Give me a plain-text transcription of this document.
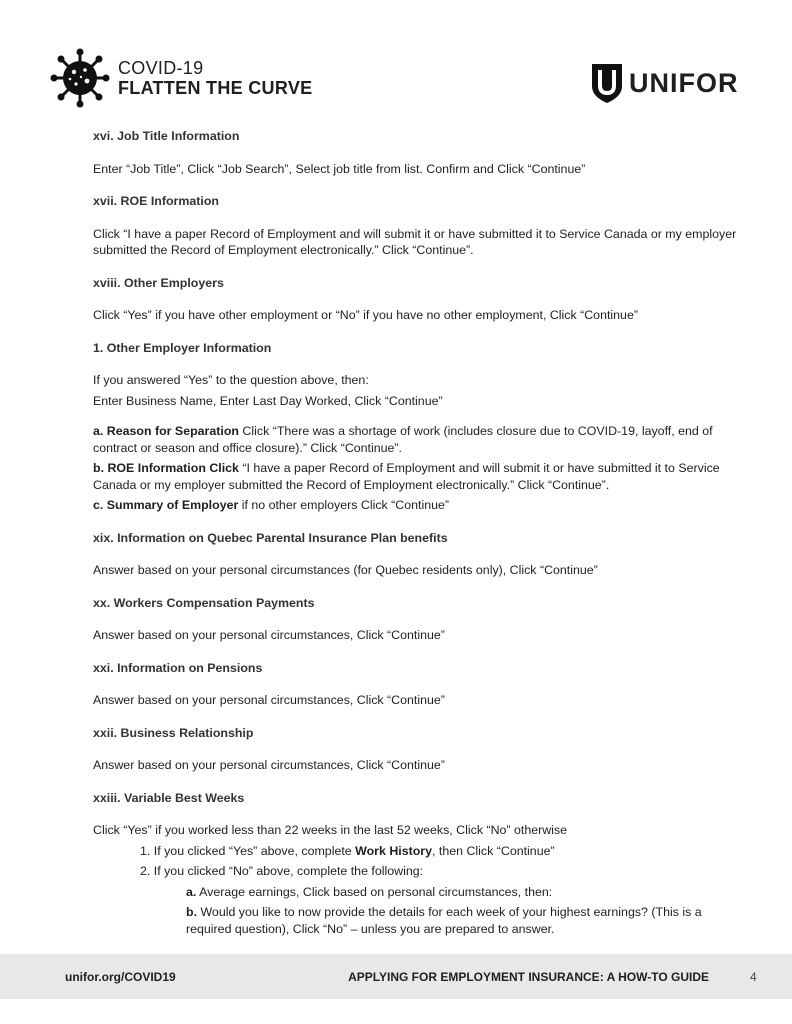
COVID-19
FLATTEN THE CURVE	UNIFOR

xvi. Job Title Information

Enter “Job Title”, Click “Job Search”, Select job title from list. Confirm and Click “Continue”

xvii. ROE Information

Click “I have a paper Record of Employment and will submit it or have submitted it to Service Canada or my employer submitted the Record of Employment electronically.” Click “Continue”.

xviii. Other Employers

Click “Yes” if you have other employment or “No” if you have no other employment, Click “Continue”

1. Other Employer Information

If you answered “Yes” to the question above, then:

Enter Business Name, Enter Last Day Worked, Click “Continue”

a. Reason for Separation Click “There was a shortage of work (includes closure due to COVID-19, layoff, end of contract or season and office closure).” Click “Continue”.

b. ROE Information Click “I have a paper Record of Employment and will submit it or have submitted it to Service Canada or my employer submitted the Record of Employment electronically.” Click “Continue”.

c. Summary of Employer if no other employers Click “Continue”

xix. Information on Quebec Parental Insurance Plan benefits

Answer based on your personal circumstances (for Quebec residents only), Click “Continue”

xx. Workers Compensation Payments

Answer based on your personal circumstances, Click “Continue”

xxi. Information on Pensions

Answer based on your personal circumstances, Click “Continue”

xxii. Business Relationship

Answer based on your personal circumstances, Click “Continue”

xxiii. Variable Best Weeks

Click “Yes” if you worked less than 22 weeks in the last 52 weeks, Click “No” otherwise

1. If you clicked “Yes” above, complete Work History, then Click “Continue”

2. If you clicked “No” above, complete the following:

a. Average earnings, Click based on personal circumstances, then:

b. Would you like to now provide the details for each week of your highest earnings? (This is a required question), Click “No” – unless you are prepared to answer.

unifor.org/COVID19	APPLYING FOR EMPLOYMENT INSURANCE: A HOW-TO GUIDE	4
